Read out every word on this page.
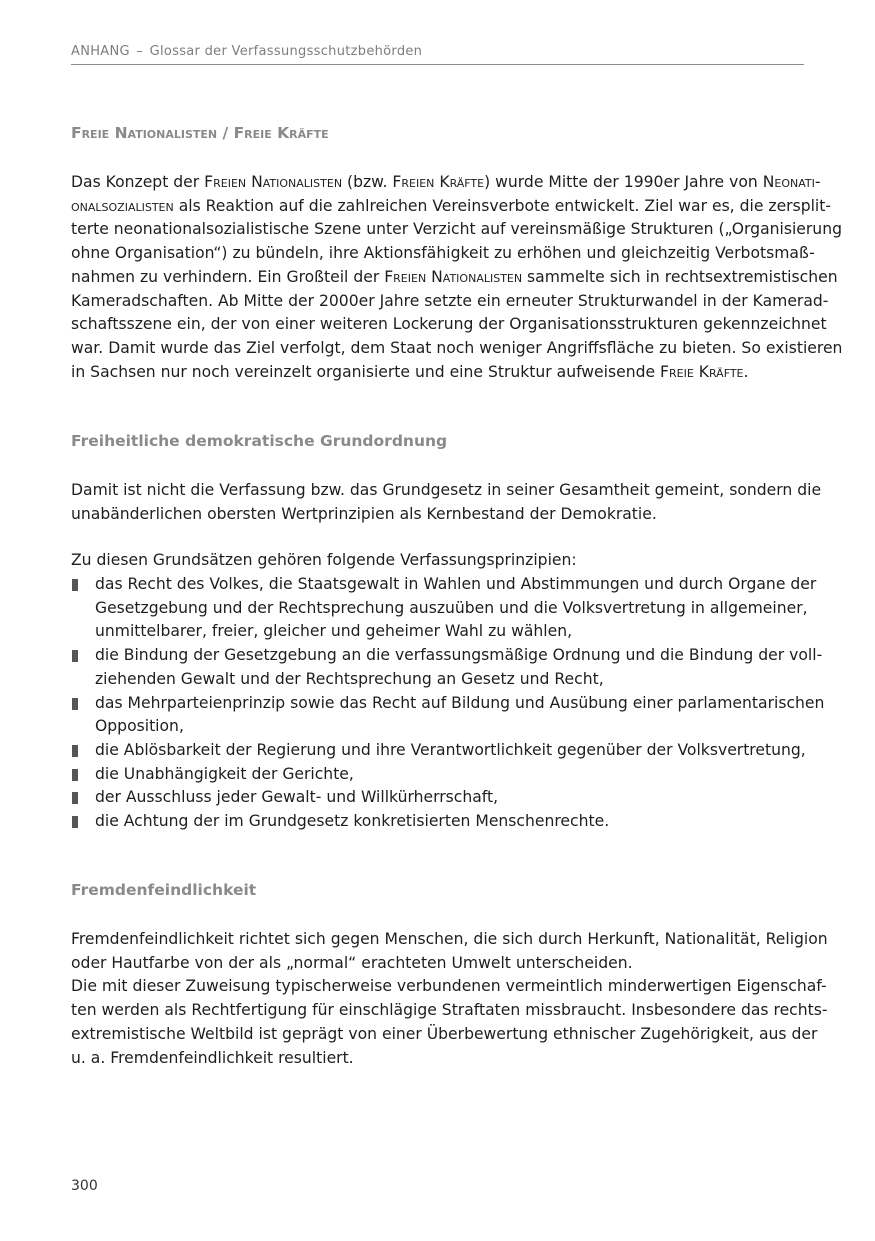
ANHANG – Glossar der Verfassungsschutzbehörden
Freie Nationalisten / Freie Kräfte
Das Konzept der Freien Nationalisten (bzw. Freien Kräfte) wurde Mitte der 1990er Jahre von Neonati-
onalsozialisten als Reaktion auf die zahlreichen Vereinsverbote entwickelt. Ziel war es, die zersplit-
terte neonationalsozialistische Szene unter Verzicht auf vereinsmäßige Strukturen („Organisierung
ohne Organisation“) zu bündeln, ihre Aktionsfähigkeit zu erhöhen und gleichzeitig Verbotsmaß-
nahmen zu verhindern. Ein Großteil der Freien Nationalisten sammelte sich in rechtsextremistischen
Kameradschaften. Ab Mitte der 2000er Jahre setzte ein erneuter Strukturwandel in der Kamerad-
schaftsszene ein, der von einer weiteren Lockerung der Organisationsstrukturen gekennzeichnet
war. Damit wurde das Ziel verfolgt, dem Staat noch weniger Angriffsfläche zu bieten. So existieren
in Sachsen nur noch vereinzelt organisierte und eine Struktur aufweisende Freie Kräfte.
Freiheitliche demokratische Grundordnung
Damit ist nicht die Verfassung bzw. das Grundgesetz in seiner Gesamtheit gemeint, sondern die
unabänderlichen obersten Wertprinzipien als Kernbestand der Demokratie.
Zu diesen Grundsätzen gehören folgende Verfassungsprinzipien:
das Recht des Volkes, die Staatsgewalt in Wahlen und Abstimmungen und durch Organe der
Gesetzgebung und der Rechtsprechung auszuüben und die Volksvertretung in allgemeiner,
unmittelbarer, freier, gleicher und geheimer Wahl zu wählen,
die Bindung der Gesetzgebung an die verfassungsmäßige Ordnung und die Bindung der voll-
ziehenden Gewalt und der Rechtsprechung an Gesetz und Recht,
das Mehrparteienprinzip sowie das Recht auf Bildung und Ausübung einer parlamentarischen
Opposition,
die Ablösbarkeit der Regierung und ihre Verantwortlichkeit gegenüber der Volksvertretung,
die Unabhängigkeit der Gerichte,
der Ausschluss jeder Gewalt- und Willkürherrschaft,
die Achtung der im Grundgesetz konkretisierten Menschenrechte.
Fremdenfeindlichkeit
Fremdenfeindlichkeit richtet sich gegen Menschen, die sich durch Herkunft, Nationalität, Religion
oder Hautfarbe von der als „normal“ erachteten Umwelt unterscheiden.
Die mit dieser Zuweisung typischerweise verbundenen vermeintlich minderwertigen Eigenschaf-
ten werden als Rechtfertigung für einschlägige Straftaten missbraucht. Insbesondere das rechts-
extremistische Weltbild ist geprägt von einer Überbewertung ethnischer Zugehörigkeit, aus der
u. a. Fremdenfeindlichkeit resultiert.
300
